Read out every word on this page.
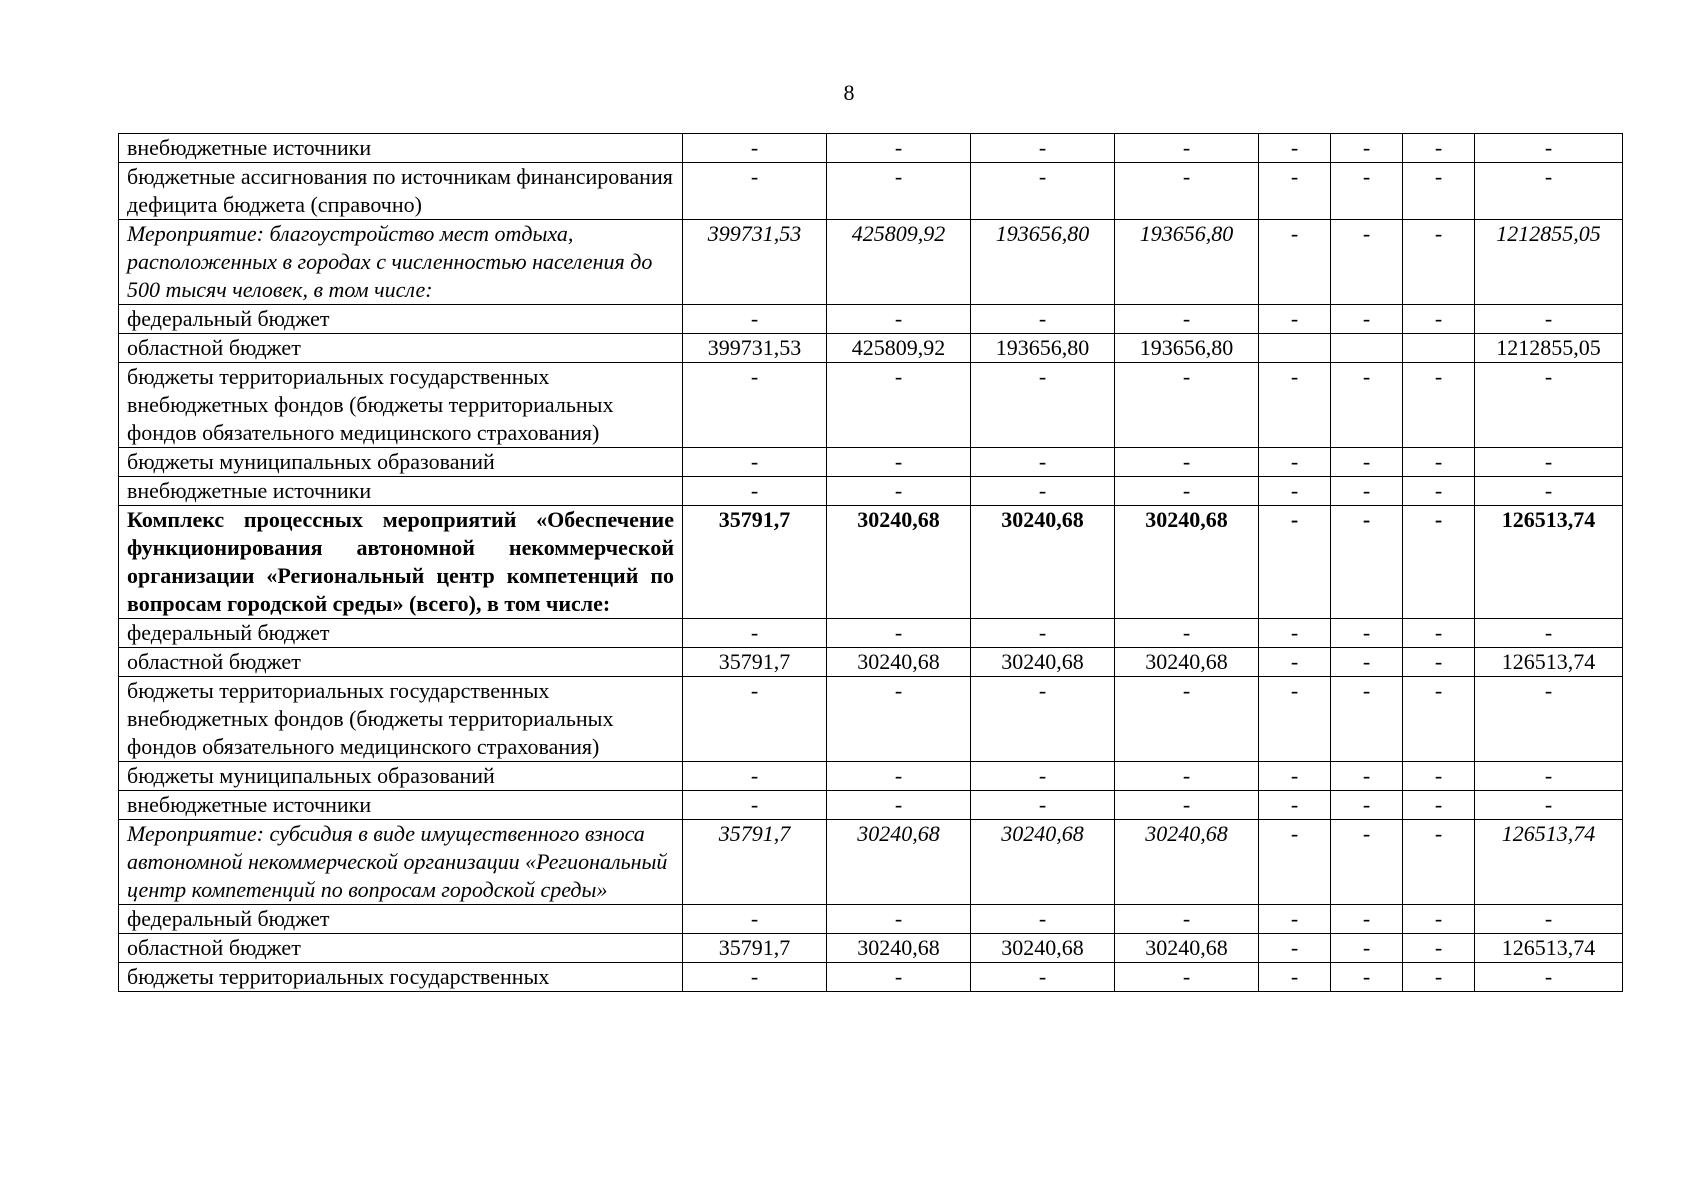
8
внебюджетные источники	-	-	-	-	-	-	-	-
бюджетные ассигнования по источникам финансирования дефицита бюджета (справочно)	-	-	-	-	-	-	-	-
Мероприятие: благоустройство мест отдыха, расположенных в городах с численностью населения до 500 тысяч человек, в том числе:	399731,53	425809,92	193656,80	193656,80	-	-	-	1212855,05
федеральный бюджет	-	-	-	-	-	-	-	-
областной бюджет	399731,53	425809,92	193656,80	193656,80				1212855,05
бюджеты территориальных государственных внебюджетных фондов (бюджеты территориальных фондов обязательного медицинского страхования)	-	-	-	-	-	-	-	-
бюджеты муниципальных образований	-	-	-	-	-	-	-	-
внебюджетные источники	-	-	-	-	-	-	-	-
Комплекс процессных мероприятий «Обеспечение функционирования автономной некоммерческой организации «Региональный центр компетенций по вопросам городской среды» (всего), в том числе:	35791,7	30240,68	30240,68	30240,68	-	-	-	126513,74
федеральный бюджет	-	-	-	-	-	-	-	-
областной бюджет	35791,7	30240,68	30240,68	30240,68	-	-	-	126513,74
бюджеты территориальных государственных внебюджетных фондов (бюджеты территориальных фондов обязательного медицинского страхования)	-	-	-	-	-	-	-	-
бюджеты муниципальных образований	-	-	-	-	-	-	-	-
внебюджетные источники	-	-	-	-	-	-	-	-
Мероприятие: субсидия в виде имущественного взноса автономной некоммерческой организации «Региональный центр компетенций по вопросам городской среды»	35791,7	30240,68	30240,68	30240,68	-	-	-	126513,74
федеральный бюджет	-	-	-	-	-	-	-	-
областной бюджет	35791,7	30240,68	30240,68	30240,68	-	-	-	126513,74
бюджеты территориальных государственных	-	-	-	-	-	-	-	-
